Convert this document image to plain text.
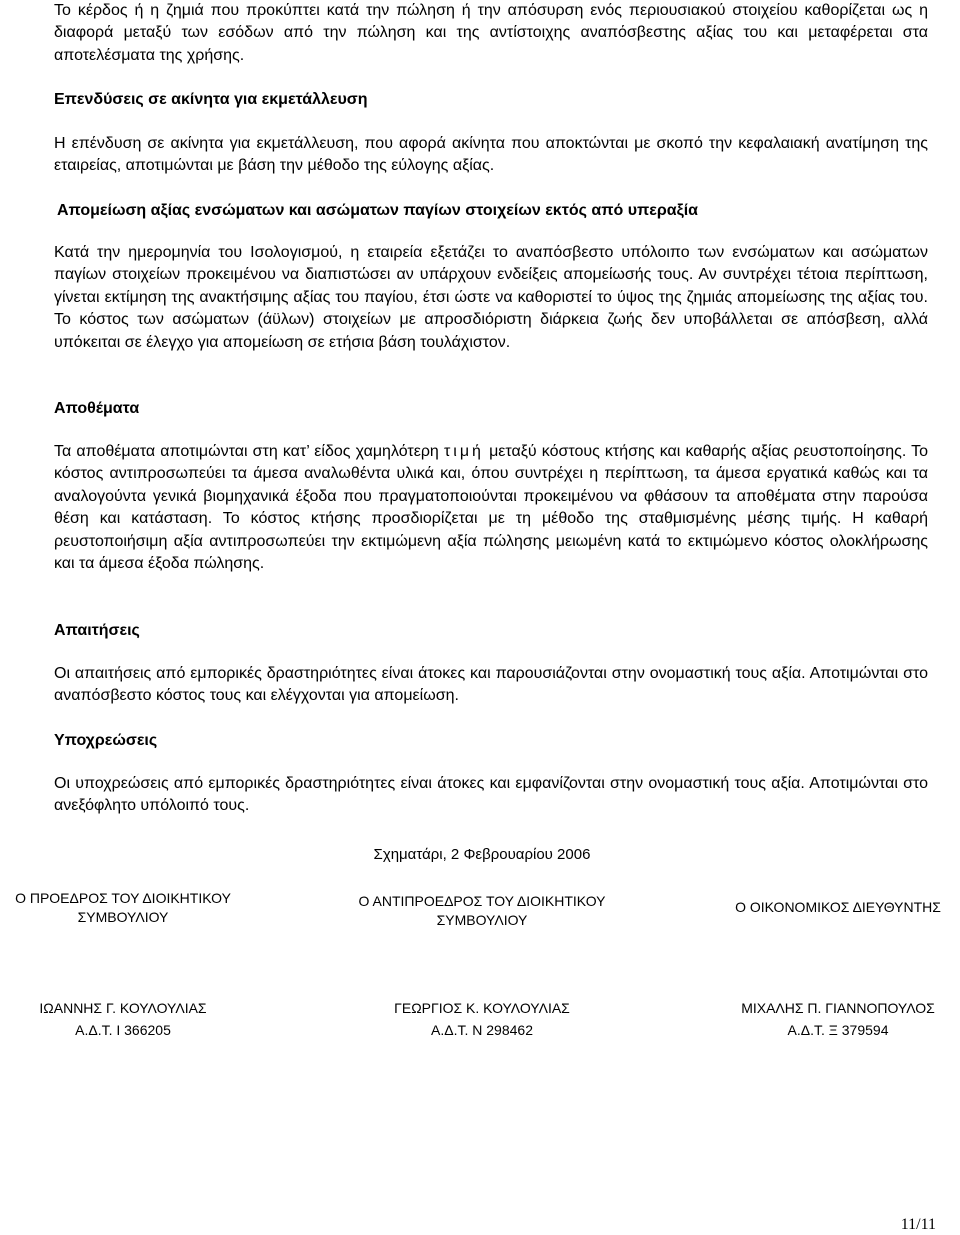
Το κέρδος ή η ζημιά που προκύπτει κατά την πώληση ή την απόσυρση ενός περιουσιακού στοιχείου καθορίζεται ως η διαφορά μεταξύ των εσόδων από την πώληση και της αντίστοιχης αναπόσβεστης αξίας του και μεταφέρεται στα αποτελέσματα της χρήσης.

Επενδύσεις σε ακίνητα για εκμετάλλευση

Η επένδυση σε ακίνητα για εκμετάλλευση, που αφορά ακίνητα που αποκτώνται με σκοπό την κεφαλαιακή ανατίμηση της εταιρείας, αποτιμώνται με βάση την μέθοδο της εύλογης αξίας.

Απομείωση αξίας ενσώματων και ασώματων παγίων στοιχείων εκτός από υπεραξία

Κατά την ημερομηνία του Ισολογισμού, η εταιρεία εξετάζει το αναπόσβεστο υπόλοιπο των ενσώματων και ασώματων παγίων στοιχείων προκειμένου να διαπιστώσει αν υπάρχουν ενδείξεις απομείωσής τους. Αν συντρέχει τέτοια περίπτωση, γίνεται εκτίμηση της ανακτήσιμης αξίας του παγίου, έτσι ώστε να καθοριστεί το ύψος της ζημιάς απομείωσης της αξίας του. Το κόστος των ασώματων (άϋλων) στοιχείων με απροσδιόριστη διάρκεια ζωής δεν υποβάλλεται σε απόσβεση, αλλά υπόκειται σε έλεγχο για απομείωση σε ετήσια βάση τουλάχιστον.

Αποθέματα

Τα αποθέματα αποτιμώνται στη κατ’ είδος χαμηλότερη τιμή μεταξύ κόστους κτήσης και καθαρής αξίας ρευστοποίησης. Το κόστος αντιπροσωπεύει τα άμεσα αναλωθέντα υλικά και, όπου συντρέχει η περίπτωση, τα άμεσα εργατικά καθώς και τα αναλογούντα γενικά βιομηχανικά έξοδα που πραγματοποιούνται προκειμένου να φθάσουν τα αποθέματα στην παρούσα θέση και κατάσταση. Το κόστος κτήσης προσδιορίζεται με τη μέθοδο της σταθμισμένης μέσης τιμής. Η καθαρή ρευστοποιήσιμη αξία αντιπροσωπεύει την εκτιμώμενη αξία πώλησης μειωμένη κατά το εκτιμώμενο κόστος ολοκλήρωσης και τα άμεσα έξοδα πώλησης.

Απαιτήσεις

Οι απαιτήσεις από εμπορικές δραστηριότητες είναι άτοκες και παρουσιάζονται στην ονομαστική τους αξία. Αποτιμώνται στο αναπόσβεστο κόστος τους και ελέγχονται για απομείωση.

Υποχρεώσεις

Οι υποχρεώσεις από εμπορικές δραστηριότητες είναι άτοκες και εμφανίζονται στην ονομαστική τους αξία. Αποτιμώνται στο ανεξόφλητο υπόλοιπό τους.

Σχηματάρι, 2 Φεβρουαρίου 2006
Ο ΠΡΟΕΔΡΟΣ ΤΟΥ ΔΙΟΙΚΗΤΙΚΟΥ
ΣΥΜΒΟΥΛΙΟΥ
ΙΩΑΝΝΗΣ Γ. ΚΟΥΛΟΥΛΙΑΣ
Α.Δ.Τ. Ι 366205
Ο ΑΝΤΙΠΡΟΕΔΡΟΣ ΤΟΥ ΔΙΟΙΚΗΤΙΚΟΥ
ΣΥΜΒΟΥΛΙΟΥ
ΓΕΩΡΓΙΟΣ Κ. ΚΟΥΛΟΥΛΙΑΣ
Α.Δ.Τ. Ν 298462
Ο ΟΙΚΟΝΟΜΙΚΟΣ ΔΙΕΥΘΥΝΤΗΣ
ΜΙΧΑΛΗΣ Π. ΓΙΑΝΝΟΠΟΥΛΟΣ
Α.Δ.Τ. Ξ 379594
11/11
